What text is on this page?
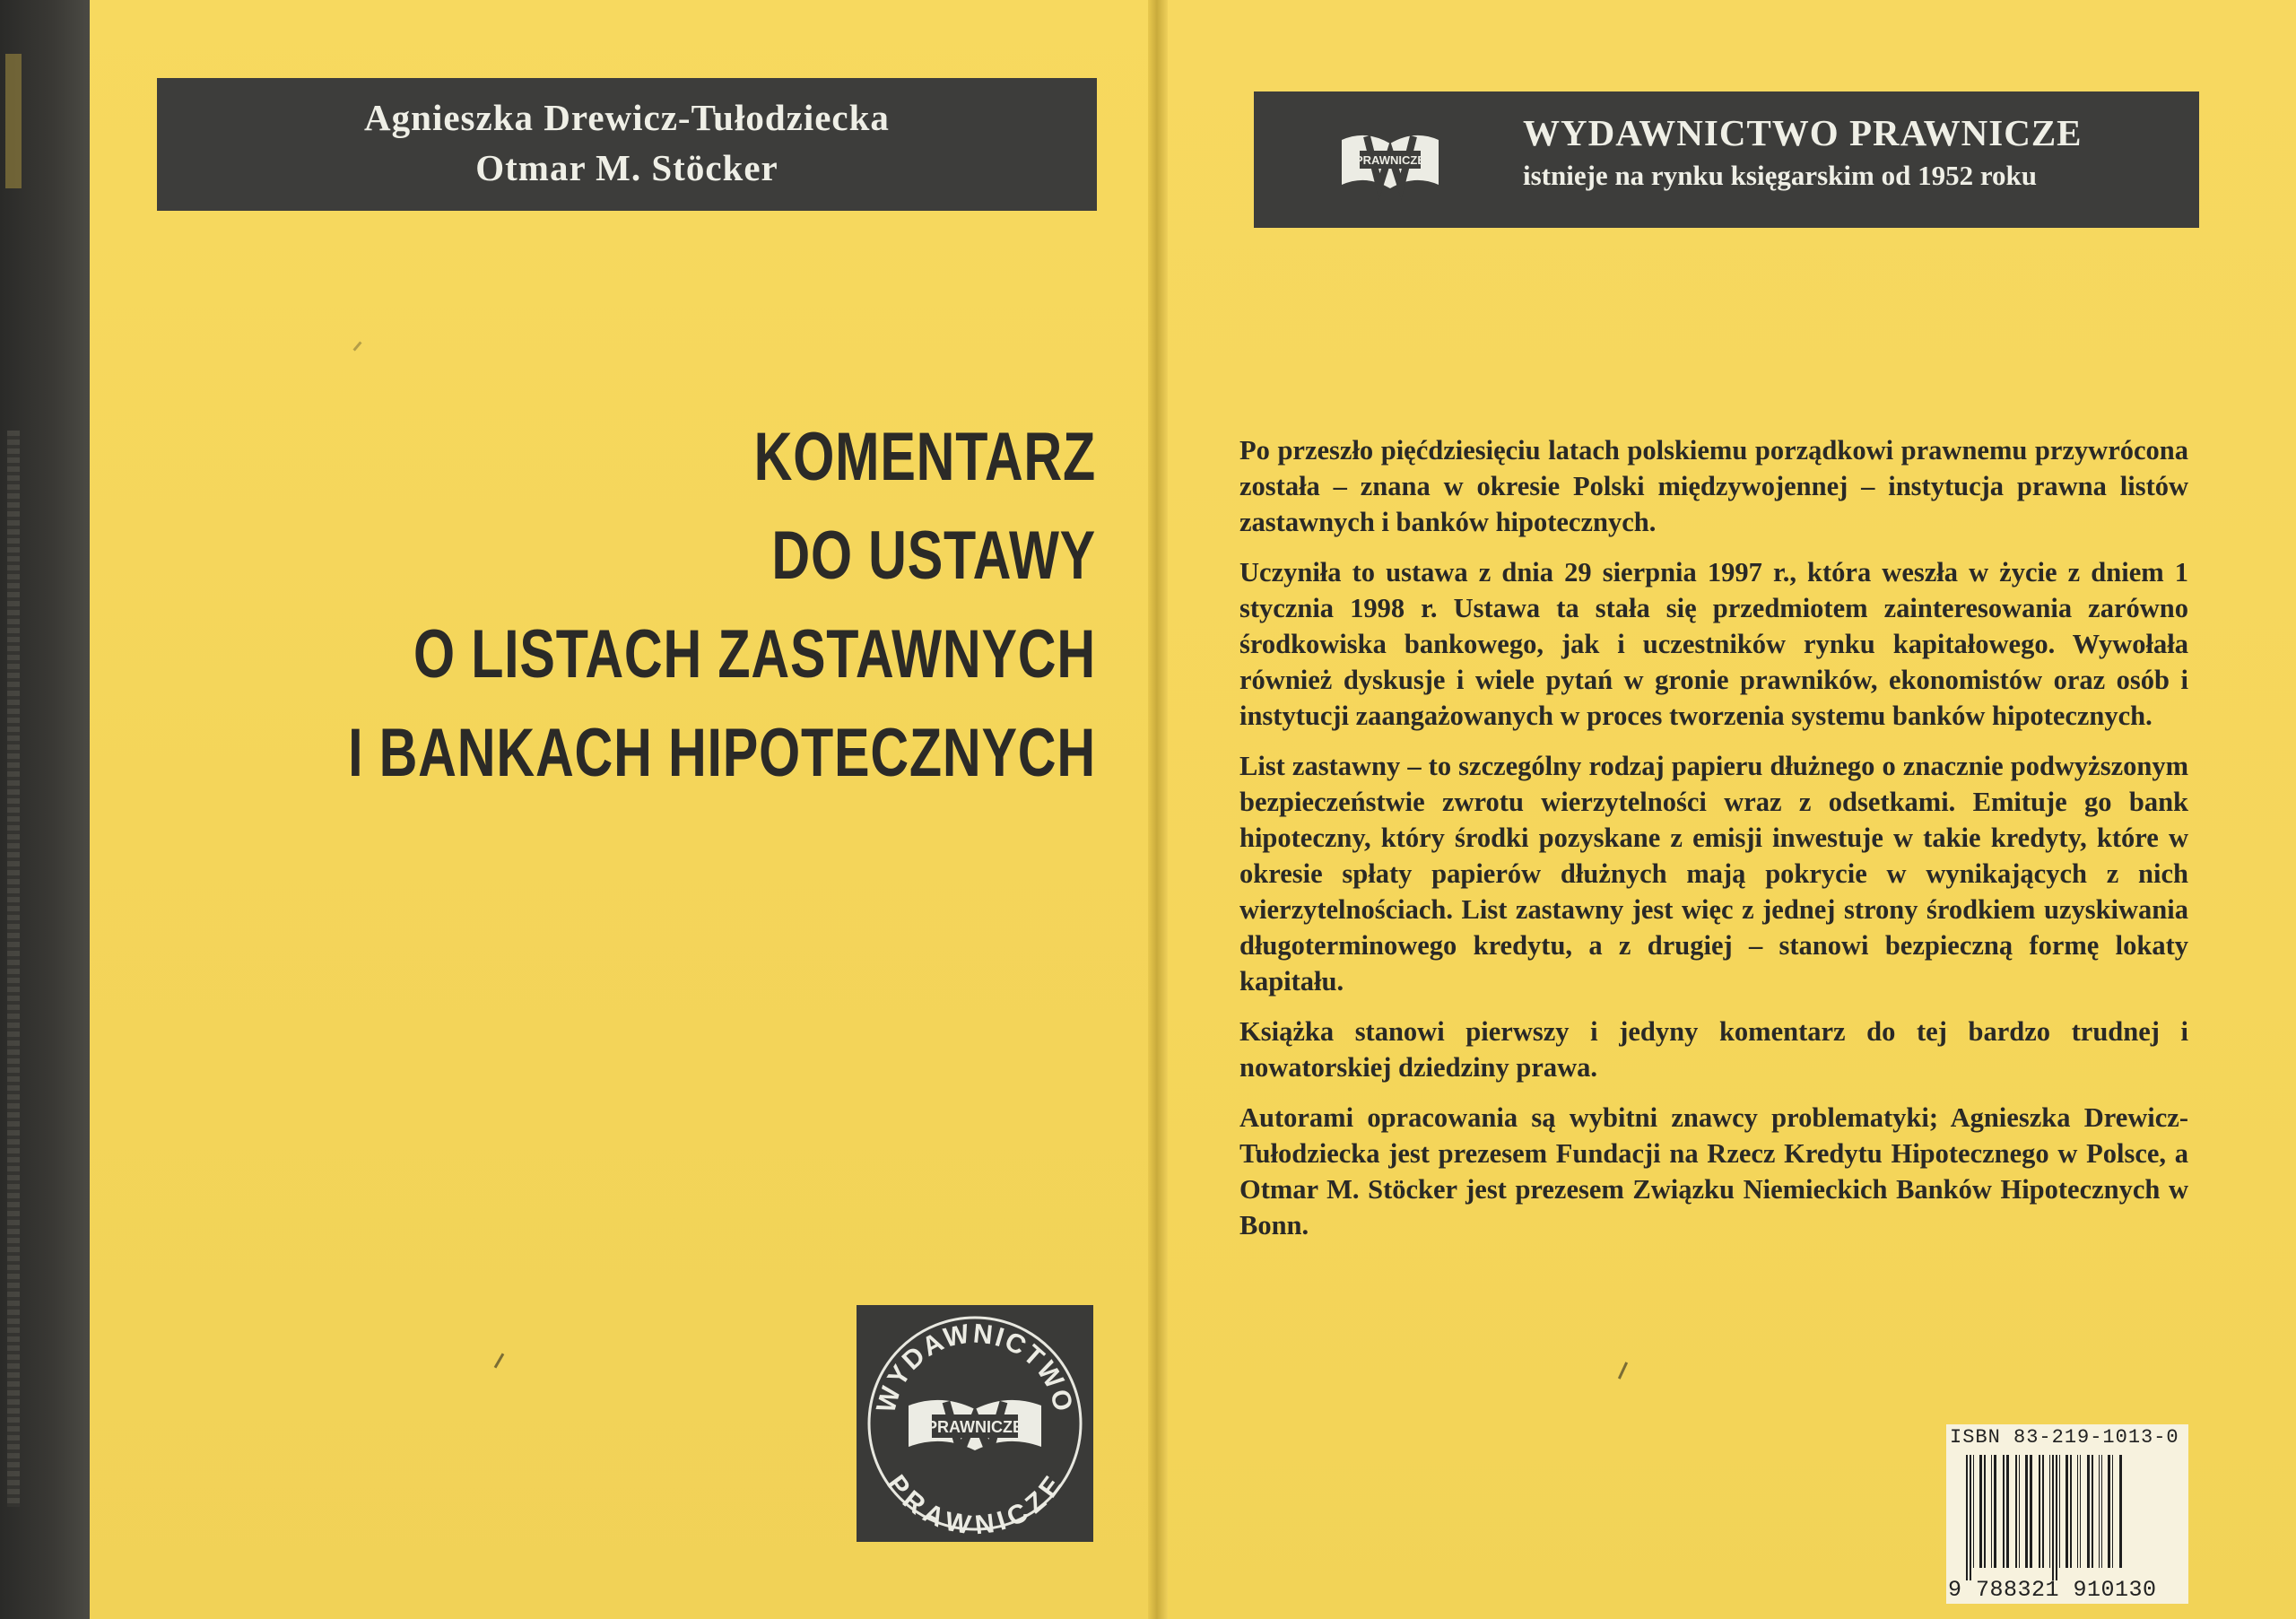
Agnieszka Drewicz-Tułodziecka
Otmar M. Stöcker
KOMENTARZ
DO USTAWY
O LISTACH ZASTAWNYCH
I BANKACH HIPOTECZNYCH
WYDAWNICTWO
PRAWNICZE
PRAWNICZE
PRAWNICZE
WYDAWNICTWO PRAWNICZE
istnieje na rynku księgarskim od 1952 roku

Po przeszło pięćdziesięciu latach polskiemu porządkowi prawnemu przywrócona została – znana w okresie Polski międzywojennej – instytucja prawna listów zastawnych i banków hipotecznych.

Uczyniła to ustawa z dnia 29 sierpnia 1997 r., która weszła w życie z dniem 1 stycznia 1998 r. Ustawa ta stała się przedmiotem zainteresowania zarówno środkowiska bankowego, jak i uczestników rynku kapitałowego. Wywołała również dyskusje i wiele pytań w gronie prawników, ekonomistów oraz osób i instytucji zaangażowanych w proces tworzenia systemu banków hipotecznych.

List zastawny – to szczególny rodzaj papieru dłużnego o znacznie podwyższonym bezpieczeństwie zwrotu wierzytelności wraz z odsetkami. Emituje go bank hipoteczny, który środki pozyskane z emisji inwestuje w takie kredyty, które w okresie spłaty papierów dłużnych mają pokrycie w wynikających z nich wierzytelnościach. List zastawny jest więc z jednej strony środkiem uzyskiwania długoterminowego kredytu, a z drugiej – stanowi bezpieczną formę lokaty kapitału.

Książka stanowi pierwszy i jedyny komentarz do tej bardzo trudnej i nowatorskiej dziedziny prawa.

Autorami opracowania są wybitni znawcy problematyki; Agnieszka Drewicz-Tułodziecka jest prezesem Fundacji na Rzecz Kredytu Hipotecznego w Polsce, a Otmar M. Stöcker jest prezesem Związku Niemieckich Banków Hipotecznych w Bonn.

ISBN 83-219-1013-0
9 788321 910130
